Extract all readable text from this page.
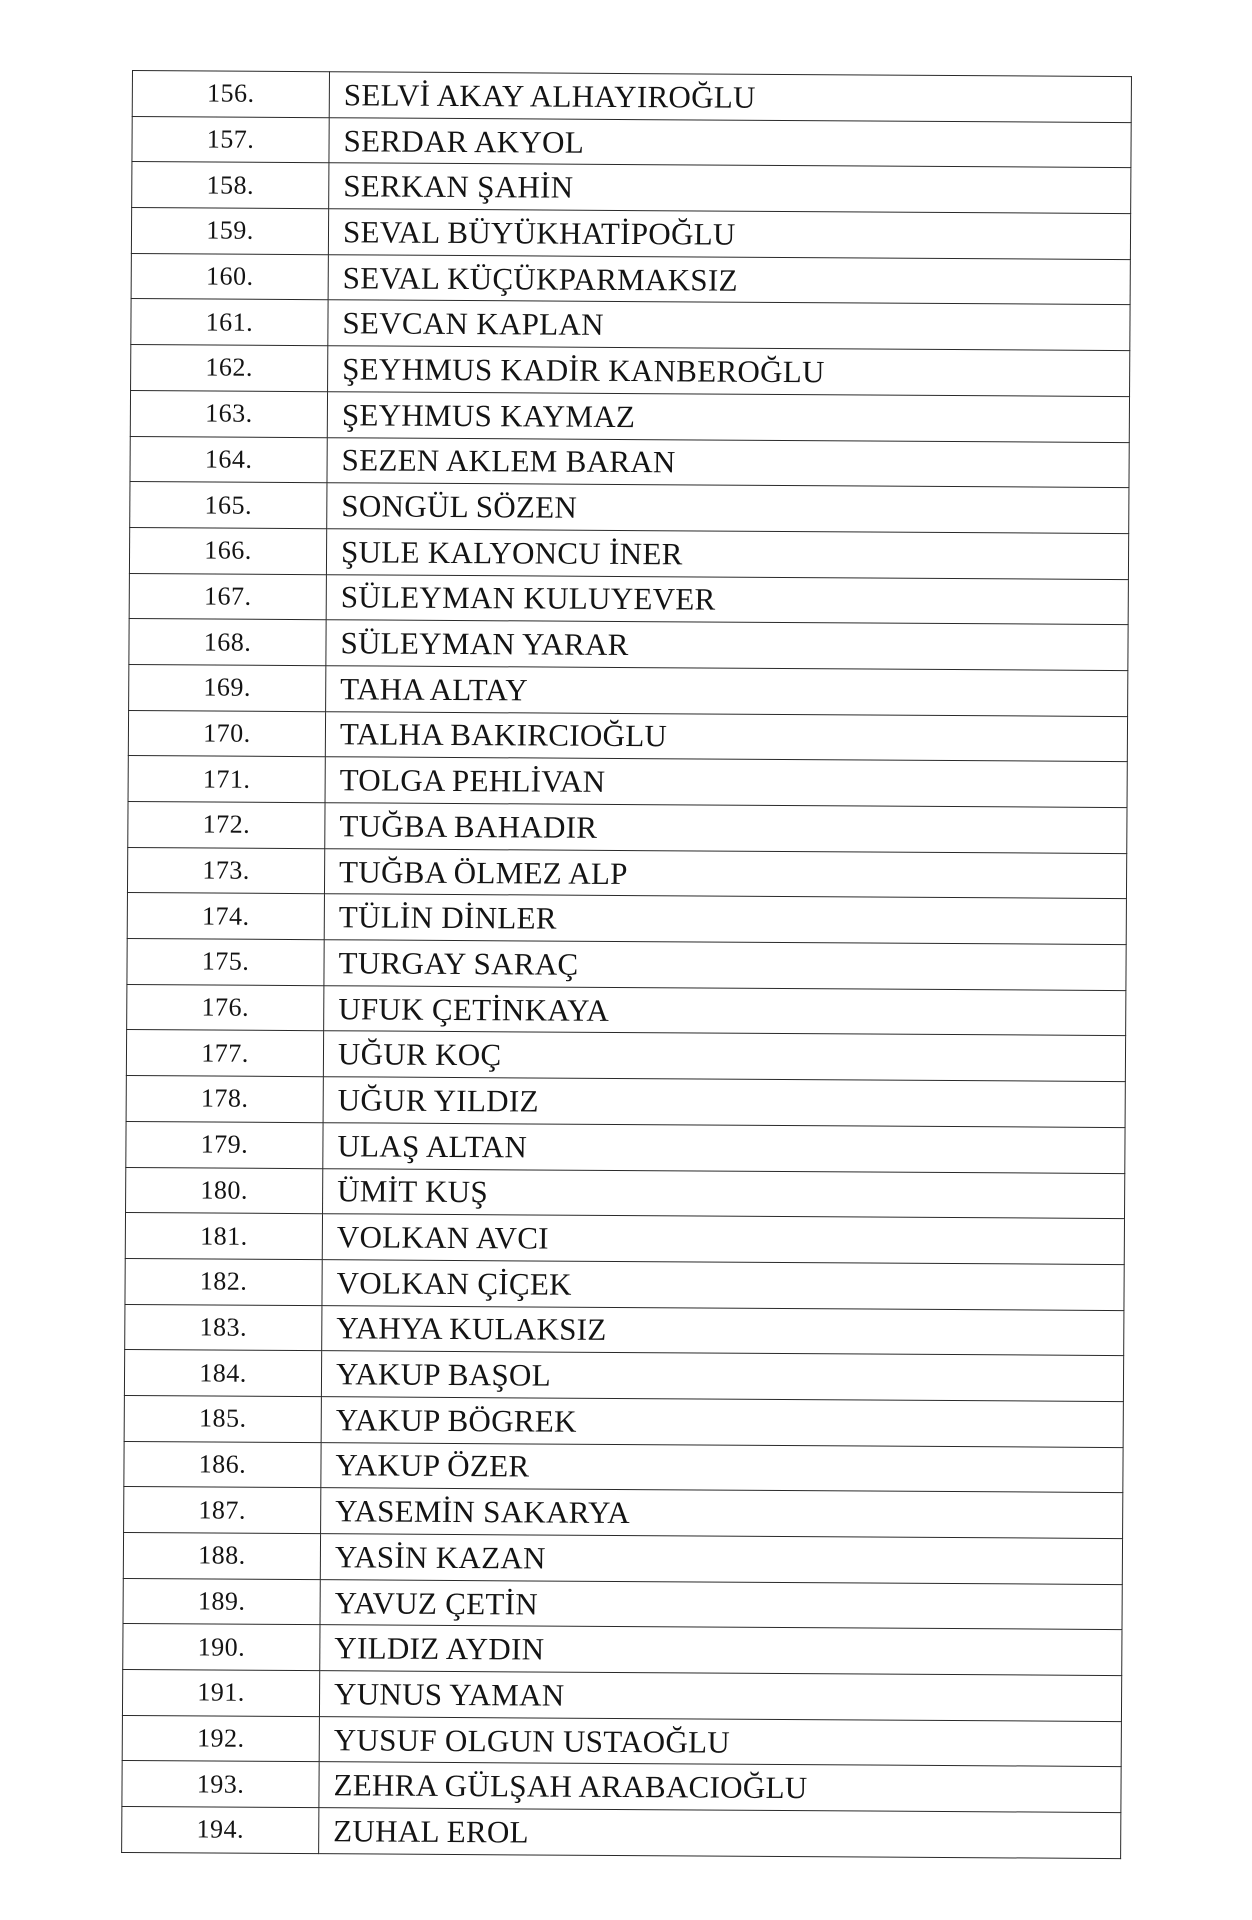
156.	SELVİ AKAY ALHAYIROĞLU
157.	SERDAR AKYOL
158.	SERKAN ŞAHİN
159.	SEVAL BÜYÜKHATİPOĞLU
160.	SEVAL KÜÇÜKPARMAKSIZ
161.	SEVCAN KAPLAN
162.	ŞEYHMUS KADİR KANBEROĞLU
163.	ŞEYHMUS KAYMAZ
164.	SEZEN AKLEM BARAN
165.	SONGÜL SÖZEN
166.	ŞULE KALYONCU İNER
167.	SÜLEYMAN KULUYEVER
168.	SÜLEYMAN YARAR
169.	TAHA ALTAY
170.	TALHA BAKIRCIOĞLU
171.	TOLGA PEHLİVAN
172.	TUĞBA BAHADIR
173.	TUĞBA ÖLMEZ ALP
174.	TÜLİN DİNLER
175.	TURGAY SARAÇ
176.	UFUK ÇETİNKAYA
177.	UĞUR KOÇ
178.	UĞUR YILDIZ
179.	ULAŞ ALTAN
180.	ÜMİT KUŞ
181.	VOLKAN AVCI
182.	VOLKAN ÇİÇEK
183.	YAHYA KULAKSIZ
184.	YAKUP BAŞOL
185.	YAKUP BÖGREK
186.	YAKUP ÖZER
187.	YASEMİN SAKARYA
188.	YASİN KAZAN
189.	YAVUZ ÇETİN
190.	YILDIZ AYDIN
191.	YUNUS YAMAN
192.	YUSUF OLGUN USTAOĞLU
193.	ZEHRA GÜLŞAH ARABACIOĞLU
194.	ZUHAL EROL
